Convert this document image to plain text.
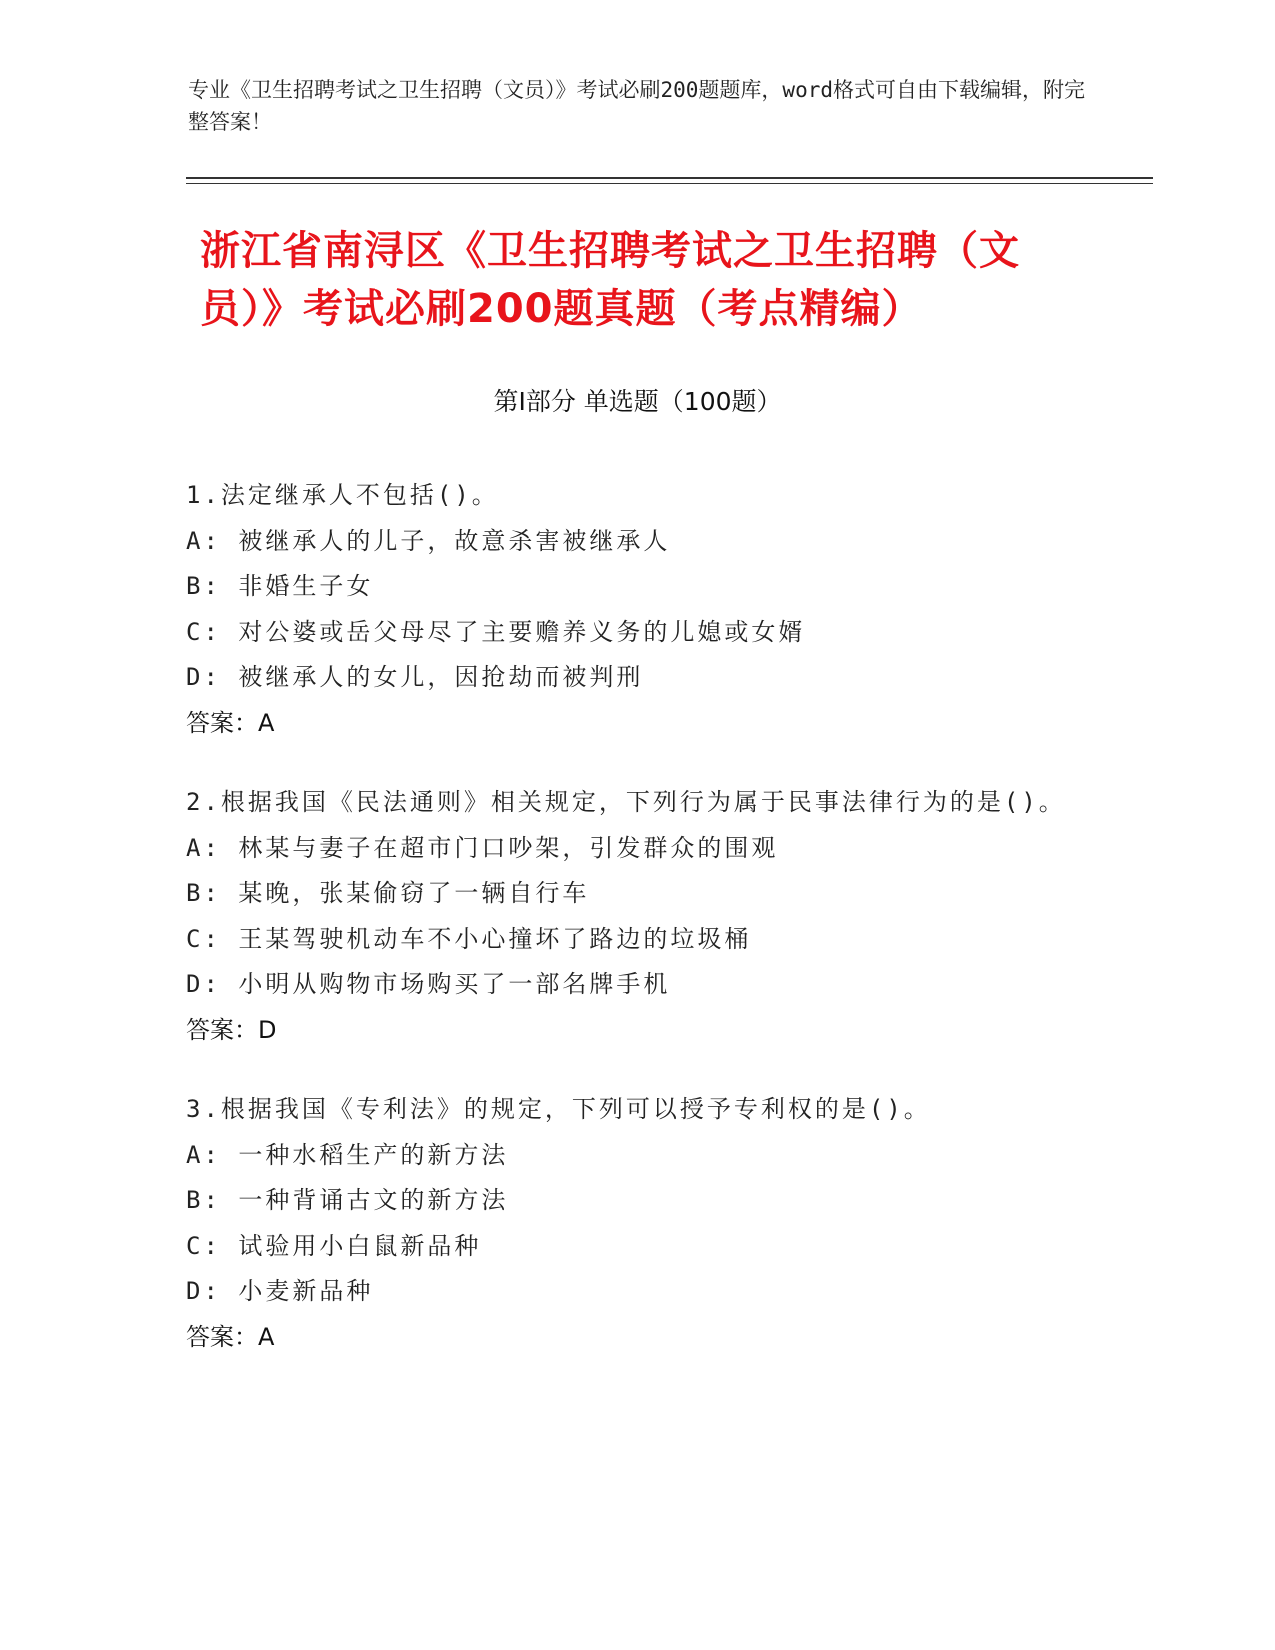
专业《卫生招聘考试之卫生招聘（文员）》考试必刷200题题库，word格式可自由下载编辑，附完整答案！
浙江省南浔区《卫生招聘考试之卫生招聘（文员）》考试必刷200题真题（考点精编）
第I部分 单选题（100题）
1.法定继承人不包括()。
A: 被继承人的儿子，故意杀害被继承人
B: 非婚生子女
C: 对公婆或岳父母尽了主要赡养义务的儿媳或女婿
D: 被继承人的女儿，因抢劫而被判刑
答案：A
2.根据我国《民法通则》相关规定，下列行为属于民事法律行为的是()。
A: 林某与妻子在超市门口吵架，引发群众的围观
B: 某晚，张某偷窃了一辆自行车
C: 王某驾驶机动车不小心撞坏了路边的垃圾桶
D: 小明从购物市场购买了一部名牌手机
答案：D
3.根据我国《专利法》的规定，下列可以授予专利权的是()。
A: 一种水稻生产的新方法
B: 一种背诵古文的新方法
C: 试验用小白鼠新品种
D: 小麦新品种
答案：A
